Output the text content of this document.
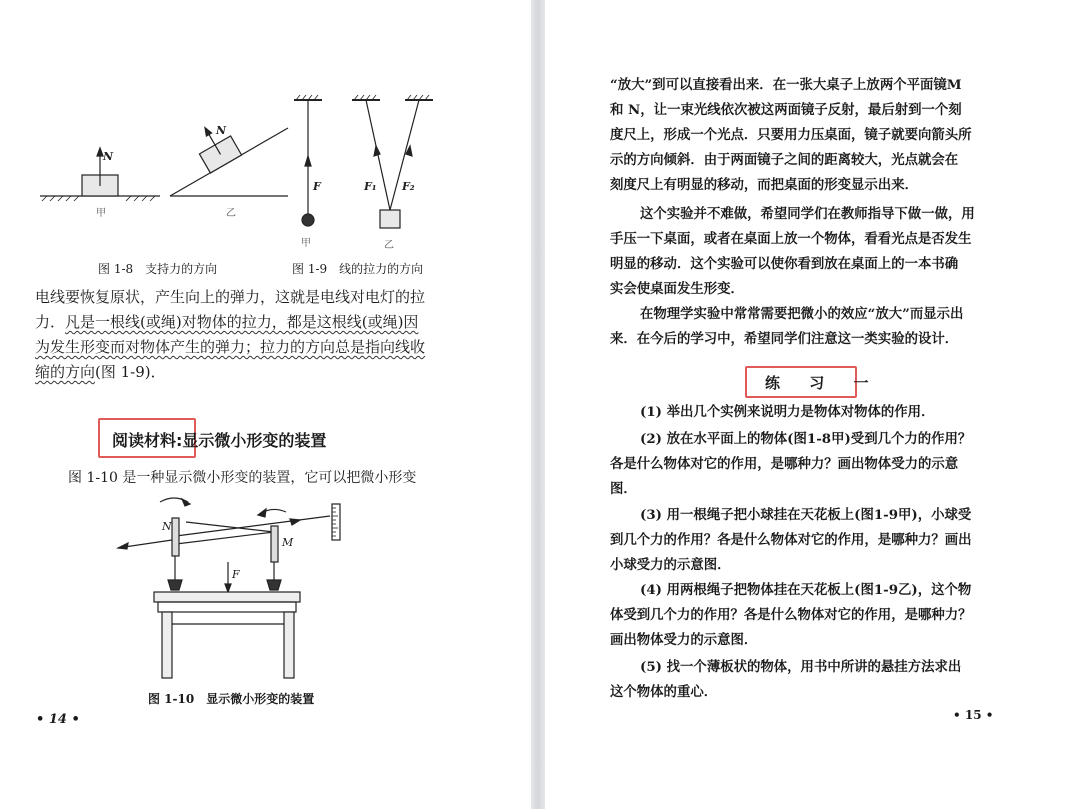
N
N
F	F₁ F₂
甲	乙
甲	乙
图 1-8　支持力的方向	图 1-9　线的拉力的方向
电线要恢复原状，产生向上的弹力，这就是电线对电灯的拉
力．凡是一根线(或绳)对物体的拉力，都是这根线(或绳)因
为发生形变而对物体产生的弹力；拉力的方向总是指向线收
缩的方向(图 1-9)．
阅读材料:显示微小形变的装置
图 1-10 是一种显示微小形变的装置，它可以把微小形变
N
M
F
图 1-10　显示微小形变的装置
• 14 •
“放大”到可以直接看出来．在一张大桌子上放两个平面镜M
和 N，让一束光线依次被这两面镜子反射，最后射到一个刻
度尺上，形成一个光点．只要用力压桌面，镜子就要向箭头所
示的方向倾斜．由于两面镜子之间的距离较大，光点就会在
刻度尺上有明显的移动，而把桌面的形变显示出来．
这个实验并不难做，希望同学们在教师指导下做一做，用
手压一下桌面，或者在桌面上放一个物体，看看光点是否发生
明显的移动．这个实验可以使你看到放在桌面上的一本书确
实会使桌面发生形变．
在物理学实验中常常需要把微小的效应“放大”而显示出
来．在今后的学习中，希望同学们注意这一类实验的设计．
练 习 一
(1) 举出几个实例来说明力是物体对物体的作用．
(2) 放在水平面上的物体(图1-8甲)受到几个力的作用？
各是什么物体对它的作用，是哪种力？画出物体受力的示意
图．
(3) 用一根绳子把小球挂在天花板上(图1-9甲)，小球受
到几个力的作用？各是什么物体对它的作用，是哪种力？画出
小球受力的示意图．
(4) 用两根绳子把物体挂在天花板上(图1-9乙)，这个物
体受到几个力的作用？各是什么物体对它的作用，是哪种力？
画出物体受力的示意图．
(5) 找一个薄板状的物体，用书中所讲的悬挂方法求出
这个物体的重心．
• 15 •
